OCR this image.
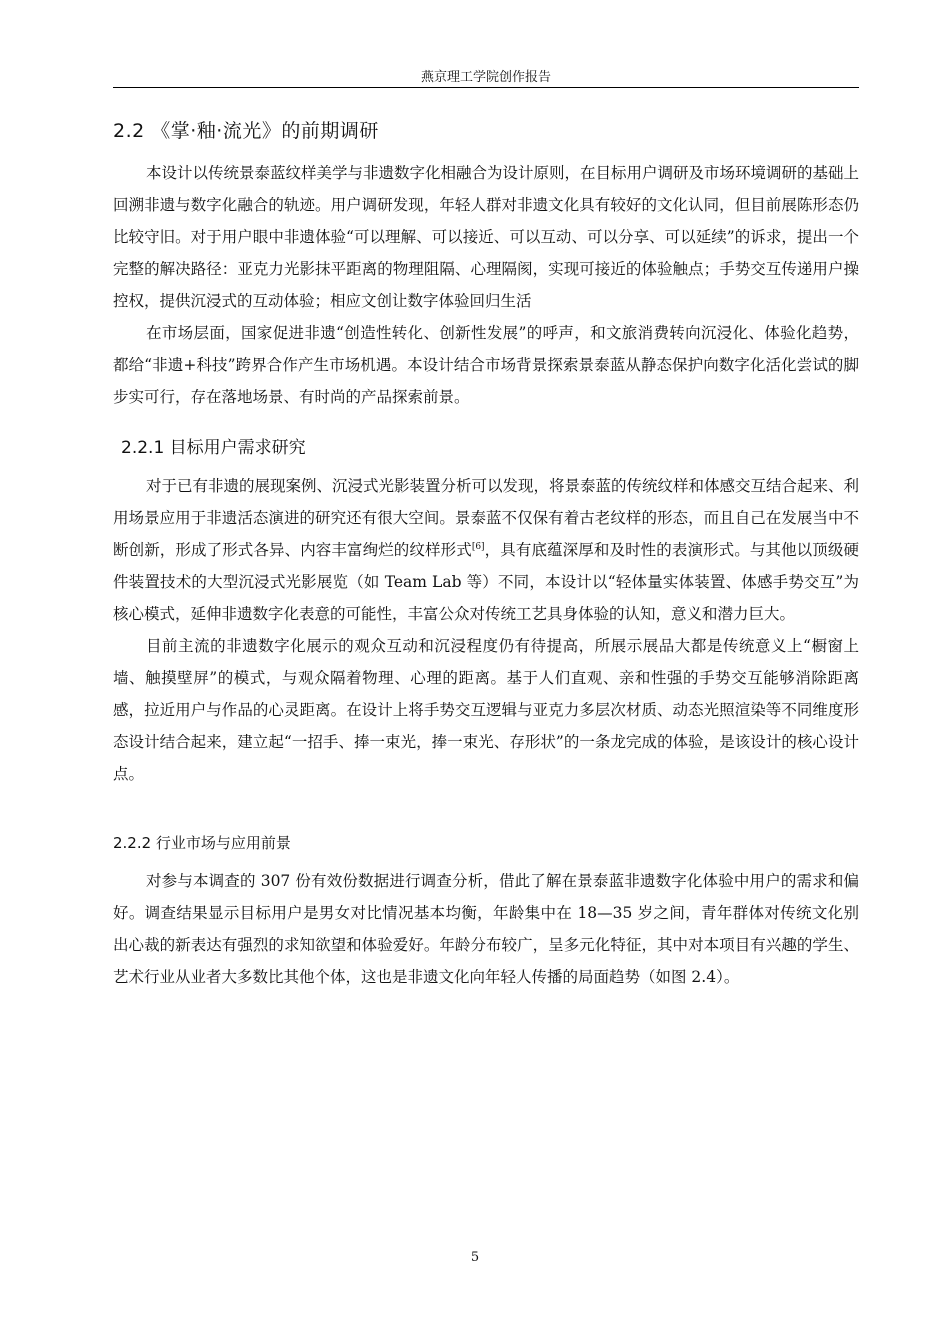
燕京理工学院创作报告
2.2 《掌·釉·流光》的前期调研

本设计以传统景泰蓝纹样美学与非遗数字化相融合为设计原则，在目标用户调研及市场环境调研的基础上回溯非遗与数字化融合的轨迹。用户调研发现，年轻人群对非遗文化具有较好的文化认同，但目前展陈形态仍比较守旧。对于用户眼中非遗体验“可以理解、可以接近、可以互动、可以分享、可以延续”的诉求，提出一个完整的解决路径：亚克力光影抹平距离的物理阻隔、心理隔阂，实现可接近的体验触点；手势交互传递用户操控权，提供沉浸式的互动体验；相应文创让数字体验回归生活

在市场层面，国家促进非遗“创造性转化、创新性发展”的呼声，和文旅消费转向沉浸化、体验化趋势，都给“非遗+科技”跨界合作产生市场机遇。本设计结合市场背景探索景泰蓝从静态保护向数字化活化尝试的脚步实可行，存在落地场景、有时尚的产品探索前景。

2.2.1 目标用户需求研究

对于已有非遗的展现案例、沉浸式光影装置分析可以发现，将景泰蓝的传统纹样和体感交互结合起来、利用场景应用于非遗活态演进的研究还有很大空间。景泰蓝不仅保有着古老纹样的形态，而且自己在发展当中不断创新，形成了形式各异、内容丰富绚烂的纹样形式[6]，具有底蕴深厚和及时性的表演形式。与其他以顶级硬件装置技术的大型沉浸式光影展览（如 Team Lab 等）不同，本设计以“轻体量实体装置、体感手势交互”为核心模式，延伸非遗数字化表意的可能性，丰富公众对传统工艺具身体验的认知，意义和潜力巨大。

目前主流的非遗数字化展示的观众互动和沉浸程度仍有待提高，所展示展品大都是传统意义上“橱窗上墙、触摸壁屏”的模式，与观众隔着物理、心理的距离。基于人们直观、亲和性强的手势交互能够消除距离感，拉近用户与作品的心灵距离。在设计上将手势交互逻辑与亚克力多层次材质、动态光照渲染等不同维度形态设计结合起来，建立起“一招手、捧一束光，捧一束光、存形状”的一条龙完成的体验，是该设计的核心设计点。

2.2.2 行业市场与应用前景

对参与本调查的 307 份有效份数据进行调查分析，借此了解在景泰蓝非遗数字化体验中用户的需求和偏好。调查结果显示目标用户是男女对比情况基本均衡，年龄集中在 18—35 岁之间，青年群体对传统文化别出心裁的新表达有强烈的求知欲望和体验爱好。年龄分布较广，呈多元化特征，其中对本项目有兴趣的学生、艺术行业从业者大多数比其他个体，这也是非遗文化向年轻人传播的局面趋势（如图 2.4）。

5
